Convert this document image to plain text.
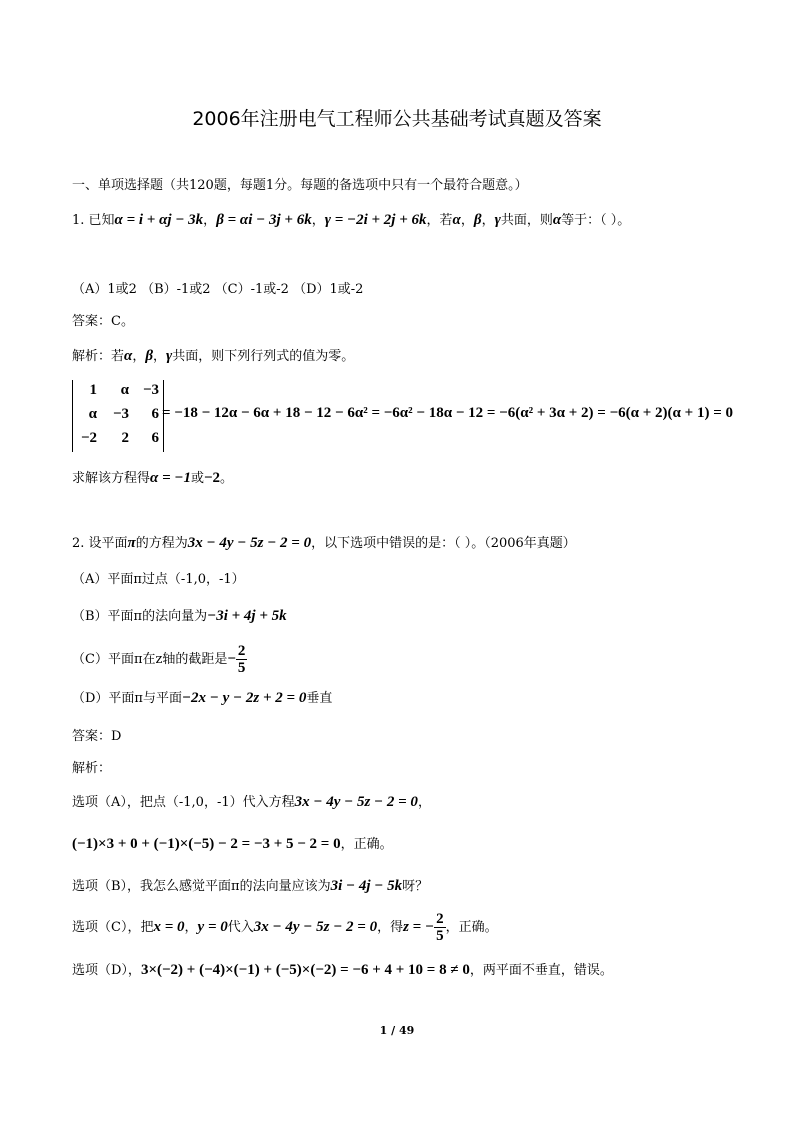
2006年注册电气工程师公共基础考试真题及答案
一、单项选择题（共120题，每题1分。每题的备选项中只有一个最符合题意。）
1. 已知α = i + αj − 3k，β = αi − 3j + 6k，γ = −2i + 2j + 6k，若α，β，γ共面，则α等于：（ ）。
（A）1或2 （B）-1或2 （C）-1或-2 （D）1或-2
答案：C。
解析：若α，β，γ共面，则下列行列式的值为零。
1	α −3
α	−3	6
−2	2	6
= −18 − 12α − 6α + 18 − 12 − 6α² = −6α² − 18α − 12 = −6(α² + 3α + 2) = −6(α + 2)(α + 1) = 0
求解该方程得α = −1或−2。
2. 设平面π的方程为3x − 4y − 5z − 2 = 0，以下选项中错误的是：（ ）。（2006年真题）
（A）平面π过点（-1,0，-1）
（B）平面π的法向量为−3i + 4j + 5k
（C）平面π在z轴的截距是− $\frac{2}{5}$
（D）平面π与平面−2x − y − 2z + 2 = 0垂直
答案：D
解析：
选项（A），把点（-1,0，-1）代入方程3x − 4y − 5z − 2 = 0，
(−1)×3 + 0 + (−1)×(−5) − 2 = −3 + 5 − 2 = 0，正确。
选项（B），我怎么感觉平面π的法向量应该为3i − 4j − 5k呀？
选项（C），把x = 0，y = 0代入3x − 4y − 5z − 2 = 0，得z = − $\frac{2}{5}$ ，正确。
选项（D），3×(−2) + (−4)×(−1) + (−5)×(−2) = −6 + 4 + 10 = 8 ≠ 0，两平面不垂直，错误。
1 / 49
